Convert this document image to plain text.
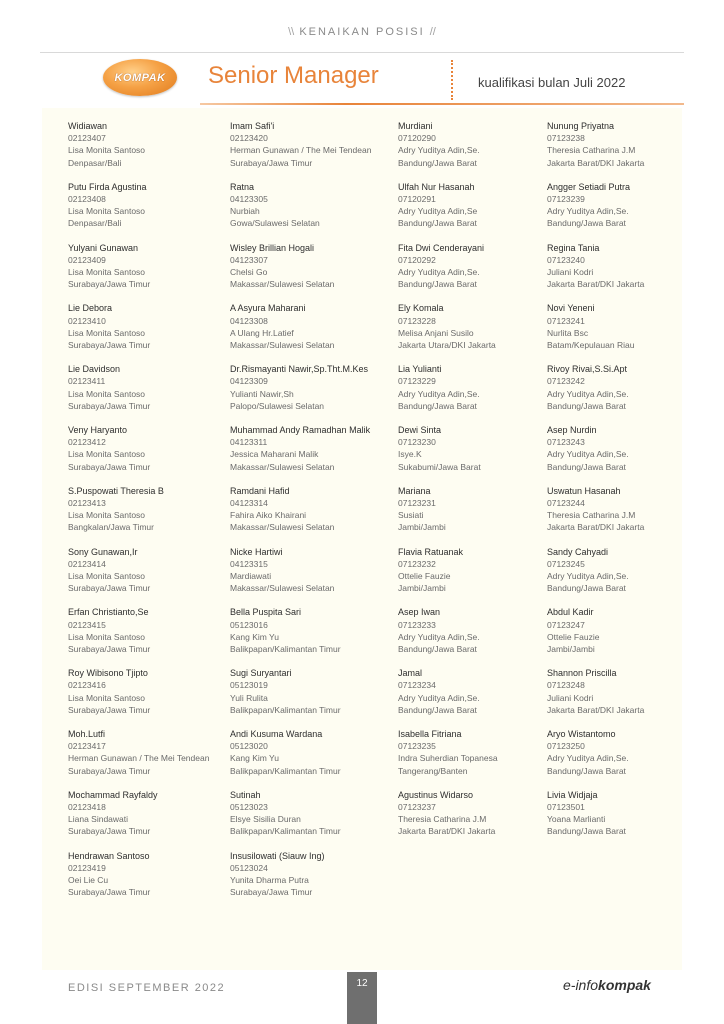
\\ KENAIKAN POSISI //
KOMPAK Senior Manager	kualifikasi bulan Juli 2022
Widiawan
02123407
Lisa Monita Santoso
Denpasar/Bali
Putu Firda Agustina
02123408
Lisa Monita Santoso
Denpasar/Bali
Yulyani Gunawan
02123409
Lisa Monita Santoso
Surabaya/Jawa Timur
Lie Debora
02123410
Lisa Monita Santoso
Surabaya/Jawa Timur
Lie Davidson
02123411
Lisa Monita Santoso
Surabaya/Jawa Timur
Veny Haryanto
02123412
Lisa Monita Santoso
Surabaya/Jawa Timur
S.Puspowati Theresia B
02123413
Lisa Monita Santoso
Bangkalan/Jawa Timur
Sony Gunawan,Ir
02123414
Lisa Monita Santoso
Surabaya/Jawa Timur
Erfan Christianto,Se
02123415
Lisa Monita Santoso
Surabaya/Jawa Timur
Roy Wibisono Tjipto
02123416
Lisa Monita Santoso
Surabaya/Jawa Timur
Moh.Lutfi
02123417
Herman Gunawan / The Mei Tendean
Surabaya/Jawa Timur
Mochammad Rayfaldy
02123418
Liana Sindawati
Surabaya/Jawa Timur
Hendrawan Santoso
02123419
Oei Lie Cu
Surabaya/Jawa Timur
Imam Safi'i
02123420
Herman Gunawan / The Mei Tendean
Surabaya/Jawa Timur
Ratna
04123305
Nurbiah
Gowa/Sulawesi Selatan
Wisley Brillian Hogali
04123307
Chelsi Go
Makassar/Sulawesi Selatan
A Asyura Maharani
04123308
A Ulang Hr.Latief
Makassar/Sulawesi Selatan
Dr.Rismayanti Nawir,Sp.Tht.M.Kes
04123309
Yulianti Nawir,Sh
Palopo/Sulawesi Selatan
Muhammad Andy Ramadhan Malik
04123311
Jessica Maharani Malik
Makassar/Sulawesi Selatan
Ramdani Hafid
04123314
Fahira Aiko Khairani
Makassar/Sulawesi Selatan
Nicke Hartiwi
04123315
Mardiawati
Makassar/Sulawesi Selatan
Bella Puspita Sari
05123016
Kang Kim Yu
Balikpapan/Kalimantan Timur
Sugi Suryantari
05123019
Yuli Rulita
Balikpapan/Kalimantan Timur
Andi Kusuma Wardana
05123020
Kang Kim Yu
Balikpapan/Kalimantan Timur
Sutinah
05123023
Elsye Sisilia Duran
Balikpapan/Kalimantan Timur
Insusilowati (Siauw Ing)
05123024
Yunita Dharma Putra
Surabaya/Jawa Timur
Murdiani
07120290
Adry Yuditya Adin,Se.
Bandung/Jawa Barat
Ulfah Nur Hasanah
07120291
Adry Yuditya Adin,Se
Bandung/Jawa Barat
Fita Dwi Cenderayani
07120292
Adry Yuditya Adin,Se.
Bandung/Jawa Barat
Ely Komala
07123228
Melisa Anjani Susilo
Jakarta Utara/DKI Jakarta
Lia Yulianti
07123229
Adry Yuditya Adin,Se.
Bandung/Jawa Barat
Dewi Sinta
07123230
Isye.K
Sukabumi/Jawa Barat
Mariana
07123231
Susiati
Jambi/Jambi
Flavia Ratuanak
07123232
Ottelie Fauzie
Jambi/Jambi
Asep Iwan
07123233
Adry Yuditya Adin,Se.
Bandung/Jawa Barat
Jamal
07123234
Adry Yuditya Adin,Se.
Bandung/Jawa Barat
Isabella Fitriana
07123235
Indra Suherdian Topanesa
Tangerang/Banten
Agustinus Widarso
07123237
Theresia Catharina J.M
Jakarta Barat/DKI Jakarta
Nunung Priyatna
07123238
Theresia Catharina J.M
Jakarta Barat/DKI Jakarta
Angger Setiadi Putra
07123239
Adry Yuditya Adin,Se.
Bandung/Jawa Barat
Regina Tania
07123240
Juliani Kodri
Jakarta Barat/DKI Jakarta
Novi Yeneni
07123241
Nurlita Bsc
Batam/Kepulauan Riau
Rivoy Rivai,S.Si.Apt
07123242
Adry Yuditya Adin,Se.
Bandung/Jawa Barat
Asep Nurdin
07123243
Adry Yuditya Adin,Se.
Bandung/Jawa Barat
Uswatun Hasanah
07123244
Theresia Catharina J.M
Jakarta Barat/DKI Jakarta
Sandy Cahyadi
07123245
Adry Yuditya Adin,Se.
Bandung/Jawa Barat
Abdul Kadir
07123247
Ottelie Fauzie
Jambi/Jambi
Shannon Priscilla
07123248
Juliani Kodri
Jakarta Barat/DKI Jakarta
Aryo Wistantomo
07123250
Adry Yuditya Adin,Se.
Bandung/Jawa Barat
Livia Widjaja
07123501
Yoana Marlianti
Bandung/Jawa Barat
EDISI SEPTEMBER 2022	12	e-infokompak
